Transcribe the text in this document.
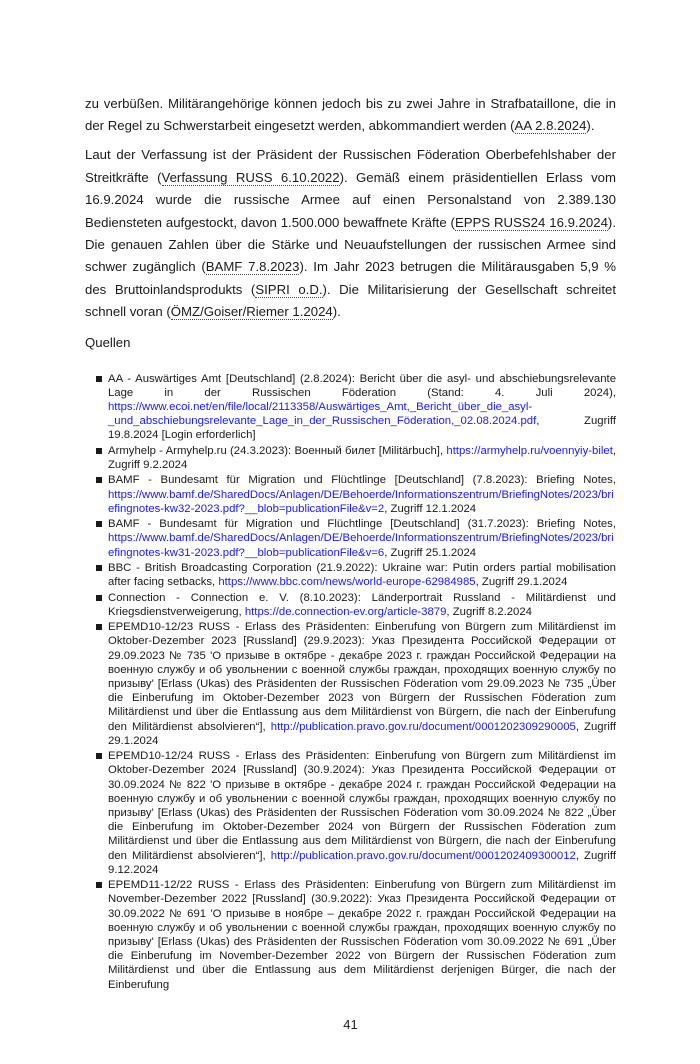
zu verbüßen. Militärangehörige können jedoch bis zu zwei Jahre in Strafbataillone, die in der Regel zu Schwerstarbeit eingesetzt werden, abkommandiert werden (AA 2.8.2024).

Laut der Verfassung ist der Präsident der Russischen Föderation Oberbefehlshaber der Streitkräfte (Verfassung RUSS 6.10.2022). Gemäß einem präsidentiellen Erlass vom 16.9.2024 wurde die russische Armee auf einen Personalstand von 2.389.130 Bediensteten aufgestockt, davon 1.500.000 bewaffnete Kräfte (EPPS RUSS24 16.9.2024). Die genauen Zahlen über die Stärke und Neuaufstellungen der russischen Armee sind schwer zugänglich (BAMF 7.8.2023). Im Jahr 2023 betrugen die Militärausgaben 5,9 % des Bruttoinlandsprodukts (SIPRI o.D.). Die Militarisierung der Gesellschaft schreitet schnell voran (ÖMZ/Goiser/Riemer 1.2024).

Quellen
AA - Auswärtiges Amt [Deutschland] (2.8.2024): Bericht über die asyl- und abschiebungsrelevante Lage in der Russischen Föderation (Stand: 4. Juli 2024), https://www.ecoi.net/en/file/local/2113358/Auswärtiges_Amt,_Bericht_über_die_asyl-_und_abschiebungsrelevante_Lage_in_der_Russischen_Föderation,_02.08.2024.pdf, Zugriff 19.8.2024 [Login erforderlich]
Armyhelp - Armyhelp.ru (24.3.2023): Военный билет [Militärbuch], https://armyhelp.ru/voennyiy-bilet, Zugriff 9.2.2024
BAMF - Bundesamt für Migration und Flüchtlinge [Deutschland] (7.8.2023): Briefing Notes, https://www.bamf.de/SharedDocs/Anlagen/DE/Behoerde/Informationszentrum/BriefingNotes/2023/briefingnotes-kw32-2023.pdf?__blob=publicationFile&v=2, Zugriff 12.1.2024
BAMF - Bundesamt für Migration und Flüchtlinge [Deutschland] (31.7.2023): Briefing Notes, https://www.bamf.de/SharedDocs/Anlagen/DE/Behoerde/Informationszentrum/BriefingNotes/2023/briefingnotes-kw31-2023.pdf?__blob=publicationFile&v=6, Zugriff 25.1.2024
BBC - British Broadcasting Corporation (21.9.2022): Ukraine war: Putin orders partial mobilisation after facing setbacks, https://www.bbc.com/news/world-europe-62984985, Zugriff 29.1.2024
Connection - Connection e. V. (8.10.2023): Länderportrait Russland - Militärdienst und Kriegsdienstverweigerung, https://de.connection-ev.org/article-3879, Zugriff 8.2.2024
EPEMD10-12/23 RUSS - Erlass des Präsidenten: Einberufung von Bürgern zum Militärdienst im Oktober-Dezember 2023 [Russland] (29.9.2023): Указ Президента Российской Федерации от 29.09.2023 № 735 'О призыве в октябре - декабре 2023 г. граждан Российской Федерации на военную службу и об увольнении с военной службы граждан, проходящих военную службу по призыву' [Erlass (Ukas) des Präsidenten der Russischen Föderation vom 29.09.2023 № 735 „Über die Einberufung im Oktober-Dezember 2023 von Bürgern der Russischen Föderation zum Militärdienst und über die Entlassung aus dem Militärdienst von Bürgern, die nach der Einberufung den Militärdienst absolvieren“], http://publication.pravo.gov.ru/document/0001202309290005, Zugriff 29.1.2024
EPEMD10-12/24 RUSS - Erlass des Präsidenten: Einberufung von Bürgern zum Militärdienst im Oktober-Dezember 2024 [Russland] (30.9.2024): Указ Президента Российской Федерации от 30.09.2024 № 822 'О призыве в октябре - декабре 2024 г. граждан Российской Федерации на военную службу и об увольнении с военной службы граждан, проходящих военную службу по призыву' [Erlass (Ukas) des Präsidenten der Russischen Föderation vom 30.09.2024 № 822 „Über die Einberufung im Oktober-Dezember 2024 von Bürgern der Russischen Föderation zum Militärdienst und über die Entlassung aus dem Militärdienst von Bürgern, die nach der Einberufung den Militärdienst absolvieren“], http://publication.pravo.gov.ru/document/0001202409300012, Zugriff 9.12.2024
EPEMD11-12/22 RUSS - Erlass des Präsidenten: Einberufung von Bürgern zum Militärdienst im November-Dezember 2022 [Russland] (30.9.2022): Указ Президента Российской Федерации от 30.09.2022 № 691 'О призыве в ноябре – декабре 2022 г. граждан Российской Федерации на военную службу и об увольнении с военной службы граждан, проходящих военную службу по призыву' [Erlass (Ukas) des Präsidenten der Russischen Föderation vom 30.09.2022 № 691 „Über die Einberufung im November-Dezember 2022 von Bürgern der Russischen Föderation zum Militärdienst und über die Entlassung aus dem Militärdienst derjenigen Bürger, die nach der Einberufung
41
